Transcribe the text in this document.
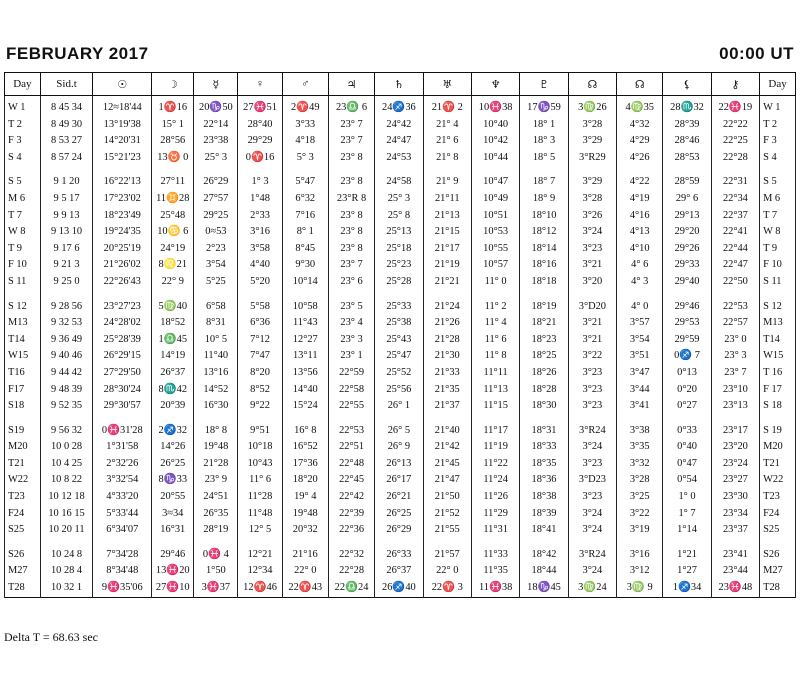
FEBRUARY 2017	00:00 UT
Day	Sid.t	☉	☽	☿	♀	♂	♃	♄	♅	♆	♇	☊	☊	⚸	⚷	Day
W 1	8 45 34	12≈18'44	1♈16	20♑50	27♓51	2♈49	23♎ 6	24♐36	21♈ 2	10♓38	17♑59	3♍26	4♍35	28♏32	22♓19	W 1
T 2	8 49 30	13°19'38	15° 1	22°14	28°40	3°33	23° 7	24°42	21° 4	10°40	18° 1	3°28	4°32	28°39	22°22	T 2
F 3	8 53 27	14°20'31	28°56	23°38	29°29	4°18	23° 7	24°47	21° 6	10°42	18° 3	3°29	4°29	28°46	22°25	F 3
S 4	8 57 24	15°21'23	13♉ 0	25° 3	0♈16	5° 3	23° 8	24°53	21° 8	10°44	18° 5	3°R29	4°26	28°53	22°28	S 4

S 5	9 1 20	16°22'13	27°11	26°29	1° 3	5°47	23° 8	24°58	21° 9	10°47	18° 7	3°29	4°22	28°59	22°31	S 5
M 6	9 5 17	17°23'02	11♊28	27°57	1°48	6°32	23°R 8	25° 3	21°11	10°49	18° 9	3°28	4°19	29° 6	22°34	M 6
T 7	9 9 13	18°23'49	25°48	29°25	2°33	7°16	23° 8	25° 8	21°13	10°51	18°10	3°26	4°16	29°13	22°37	T 7
W 8	9 13 10	19°24'35	10♋ 6	0≈53	3°16	8° 1	23° 8	25°13	21°15	10°53	18°12	3°24	4°13	29°20	22°41	W 8
T 9	9 17 6	20°25'19	24°19	2°23	3°58	8°45	23° 8	25°18	21°17	10°55	18°14	3°23	4°10	29°26	22°44	T 9
F 10	9 21 3	21°26'02	8♌21	3°54	4°40	9°30	23° 7	25°23	21°19	10°57	18°16	3°21	4° 6	29°33	22°47	F 10
S 11	9 25 0	22°26'43	22° 9	5°25	5°20	10°14	23° 6	25°28	21°21	11° 0	18°18	3°20	4° 3	29°40	22°50	S 11

S 12	9 28 56	23°27'23	5♍40	6°58	5°58	10°58	23° 5	25°33	21°24	11° 2	18°19	3°D20	4° 0	29°46	22°53	S 12
M13	9 32 53	24°28'02	18°52	8°31	6°36	11°43	23° 4	25°38	21°26	11° 4	18°21	3°21	3°57	29°53	22°57	M13
T14	9 36 49	25°28'39	1♎45	10° 5	7°12	12°27	23° 3	25°43	21°28	11° 6	18°23	3°21	3°54	29°59	23° 0	T14
W15	9 40 46	26°29'15	14°19	11°40	7°47	13°11	23° 1	25°47	21°30	11° 8	18°25	3°22	3°51	0♐ 7	23° 3	W15
T16	9 44 42	27°29'50	26°37	13°16	8°20	13°56	22°59	25°52	21°33	11°11	18°26	3°23	3°47	0°13	23° 7	T 16
F17	9 48 39	28°30'24	8♏42	14°52	8°52	14°40	22°58	25°56	21°35	11°13	18°28	3°23	3°44	0°20	23°10	F 17
S18	9 52 35	29°30'57	20°39	16°30	9°22	15°24	22°55	26° 1	21°37	11°15	18°30	3°23	3°41	0°27	23°13	S 18

S19	9 56 32	0♓31'28	2♐32	18° 8	9°51	16° 8	22°53	26° 5	21°40	11°17	18°31	3°R24	3°38	0°33	23°17	S 19
M20	10 0 28	1°31'58	14°26	19°48	10°18	16°52	22°51	26° 9	21°42	11°19	18°33	3°24	3°35	0°40	23°20	M20
T21	10 4 25	2°32'26	26°25	21°28	10°43	17°36	22°48	26°13	21°45	11°22	18°35	3°23	3°32	0°47	23°24	T21
W22	10 8 22	3°32'54	8♑33	23° 9	11° 6	18°20	22°45	26°17	21°47	11°24	18°36	3°D23	3°28	0°54	23°27	W22
T23	10 12 18	4°33'20	20°55	24°51	11°28	19° 4	22°42	26°21	21°50	11°26	18°38	3°23	3°25	1° 0	23°30	T23
F24	10 16 15	5°33'44	3≈34	26°35	11°48	19°48	22°39	26°25	21°52	11°29	18°39	3°24	3°22	1° 7	23°34	F24
S25	10 20 11	6°34'07	16°31	28°19	12° 5	20°32	22°36	26°29	21°55	11°31	18°41	3°24	3°19	1°14	23°37	S25

S26	10 24 8	7°34'28	29°46	0♓ 4	12°21	21°16	22°32	26°33	21°57	11°33	18°42	3°R24	3°16	1°21	23°41	S26
M27	10 28 4	8°34'48	13♓20	1°50	12°34	22° 0	22°28	26°37	22° 0	11°35	18°44	3°24	3°12	1°27	23°44	M27
T28	10 32 1	9♓35'06	27♓10	3♓37	12♈46	22♈43	22♎24	26♐40	22♈ 3	11♓38	18♑45	3♍24	3♍ 9	1♐34	23♓48	T28
Delta T = 68.63 sec
